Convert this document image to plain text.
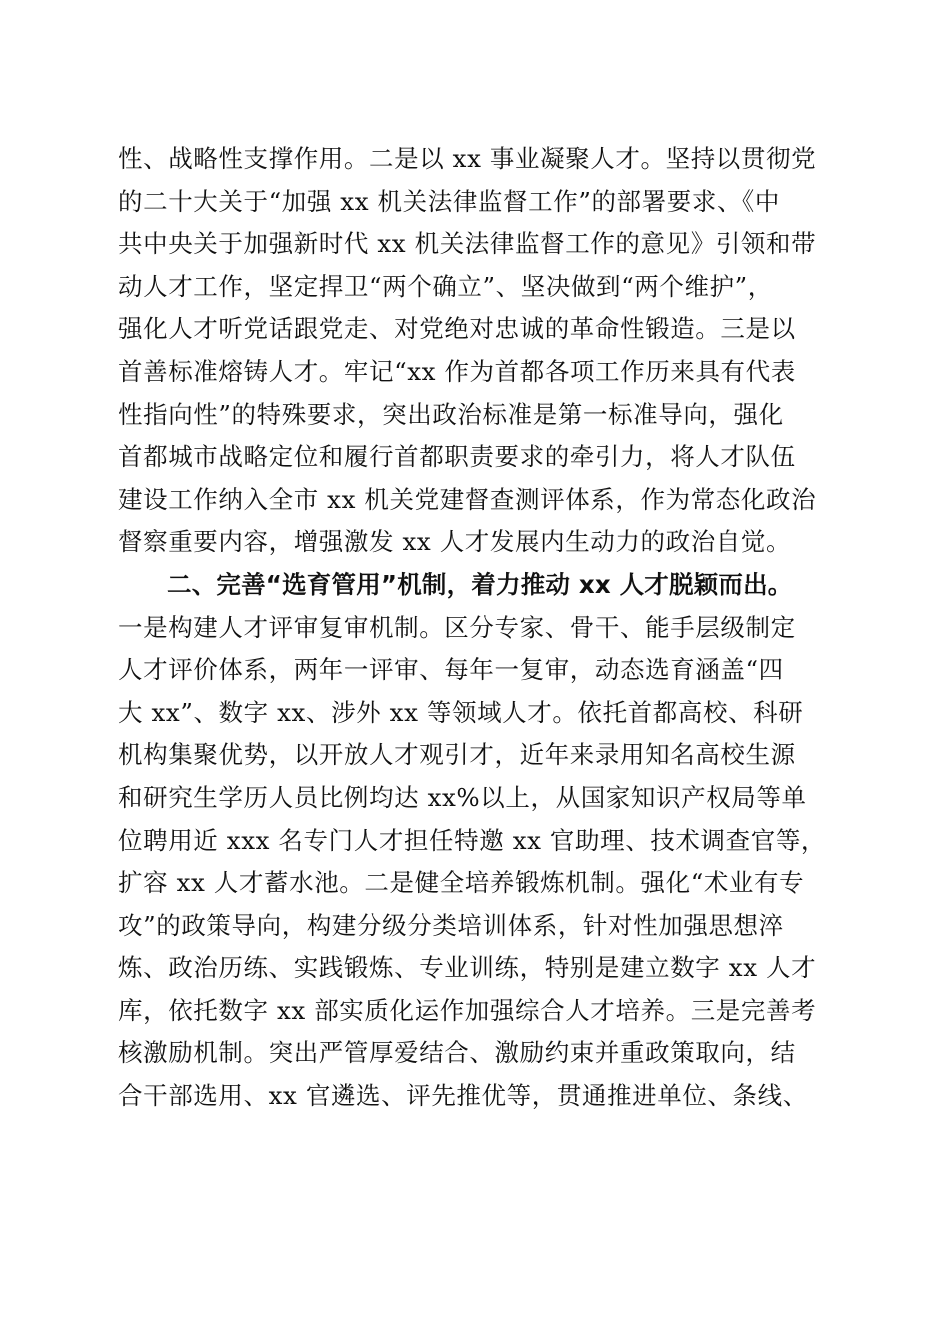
性、战略性支撑作用。二是以 xx 事业凝聚人才。坚持以贯彻党
的二十大关于“加强 xx 机关法律监督工作”的部署要求、《中
共中央关于加强新时代 xx 机关法律监督工作的意见》引领和带
动人才工作，坚定捍卫“两个确立”、坚决做到“两个维护”，
强化人才听党话跟党走、对党绝对忠诚的革命性锻造。三是以
首善标准熔铸人才。牢记“xx 作为首都各项工作历来具有代表
性指向性”的特殊要求，突出政治标准是第一标准导向，强化
首都城市战略定位和履行首都职责要求的牵引力，将人才队伍
建设工作纳入全市 xx 机关党建督查测评体系，作为常态化政治
督察重要内容，增强激发 xx 人才发展内生动力的政治自觉。
二、完善“选育管用”机制，着力推动 xx 人才脱颖而出。
一是构建人才评审复审机制。区分专家、骨干、能手层级制定
人才评价体系，两年一评审、每年一复审，动态选育涵盖“四
大 xx”、数字 xx、涉外 xx 等领域人才。依托首都高校、科研
机构集聚优势，以开放人才观引才，近年来录用知名高校生源
和研究生学历人员比例均达 xx%以上，从国家知识产权局等单
位聘用近 xxx 名专门人才担任特邀 xx 官助理、技术调查官等，
扩容 xx 人才蓄水池。二是健全培养锻炼机制。强化“术业有专
攻”的政策导向，构建分级分类培训体系，针对性加强思想淬
炼、政治历练、实践锻炼、专业训练，特别是建立数字 xx 人才
库，依托数字 xx 部实质化运作加强综合人才培养。三是完善考
核激励机制。突出严管厚爱结合、激励约束并重政策取向，结
合干部选用、xx 官遴选、评先推优等，贯通推进单位、条线、
